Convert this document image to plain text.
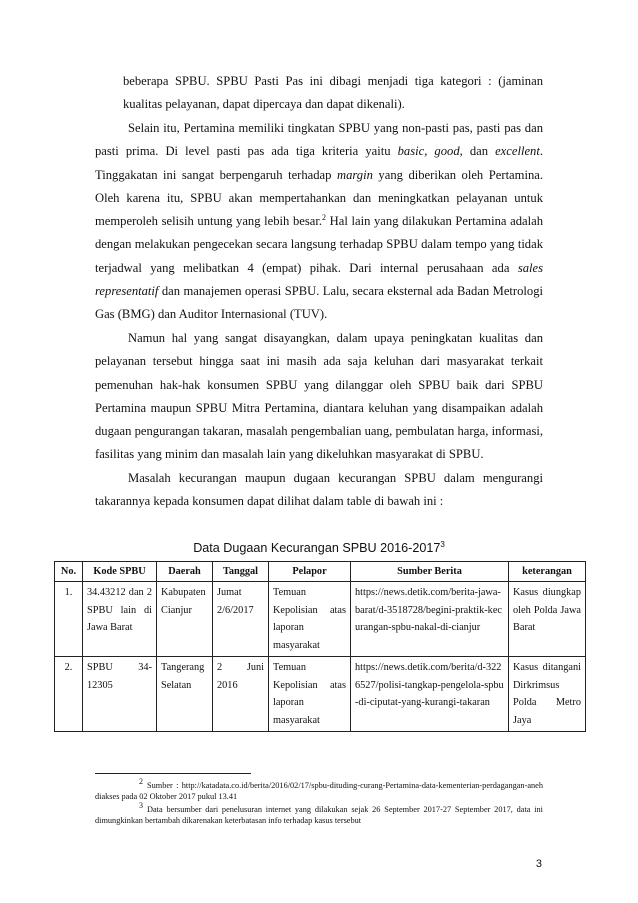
beberapa SPBU. SPBU Pasti Pas ini dibagi menjadi tiga kategori : (jaminan kualitas pelayanan, dapat dipercaya dan dapat dikenali).

Selain itu, Pertamina memiliki tingkatan SPBU yang non-pasti pas, pasti pas dan pasti prima. Di level pasti pas ada tiga kriteria yaitu basic, good, dan excellent. Tinggakatan ini sangat berpengaruh terhadap margin yang diberikan oleh Pertamina. Oleh karena itu, SPBU akan mempertahankan dan meningkatkan pelayanan untuk memperoleh selisih untung yang lebih besar.$^2$ Hal lain yang dilakukan Pertamina adalah dengan melakukan pengecekan secara langsung terhadap SPBU dalam tempo yang tidak terjadwal yang melibatkan 4 (empat) pihak. Dari internal perusahaan ada sales representatif dan manajemen operasi SPBU. Lalu, secara eksternal ada Badan Metrologi Gas (BMG) dan Auditor Internasional (TUV).

Namun hal yang sangat disayangkan, dalam upaya peningkatan kualitas dan pelayanan tersebut hingga saat ini masih ada saja keluhan dari masyarakat terkait pemenuhan hak-hak konsumen SPBU yang dilanggar oleh SPBU baik dari SPBU Pertamina maupun SPBU Mitra Pertamina, diantara keluhan yang disampaikan adalah dugaan pengurangan takaran, masalah pengembalian uang, pembulatan harga, informasi, fasilitas yang minim dan masalah lain yang dikeluhkan masyarakat di SPBU.

Masalah kecurangan maupun dugaan kecurangan SPBU dalam mengurangi takarannya kepada konsumen dapat dilihat dalam table di bawah ini :

Data Dugaan Kecurangan SPBU 2016-2017$^3$

No.	Kode SPBU	Daerah	Tanggal	Pelapor	Sumber Berita	keterangan
1.	34.43212 dan 2 SPBU lain di Jawa Barat	Kabupaten Cianjur	Jumat 2/6/2017	Temuan Kepolisian atas laporan masyarakat	https://news.detik.com/berita-jawa-barat/d-3518728/begini-praktik-kecurangan-spbu-nakal-di-cianjur	Kasus diungkap oleh Polda Jawa Barat
2.	SPBU 34-12305	Tangerang Selatan	2 Juni 2016	Temuan Kepolisian atas laporan masyarakat	https://news.detik.com/berita/d-3226527/polisi-tangkap-pengelola-spbu-di-ciputat-yang-kurangi-takaran	Kasus ditangani Dirkrimsus Polda Metro Jaya

$^2$ Sumber : http://katadata.co.id/berita/2016/02/17/spbu-dituding-curang-Pertamina-data-kementerian-perdagangan-aneh diakses pada 02 Oktober 2017 pukul 13.41

$^3$ Data bersumber dari penelusuran internet yang dilakukan sejak 26 September 2017-27 September 2017, data ini dimungkinkan bertambah dikarenakan keterbatasan info terhadap kasus tersebut

3
